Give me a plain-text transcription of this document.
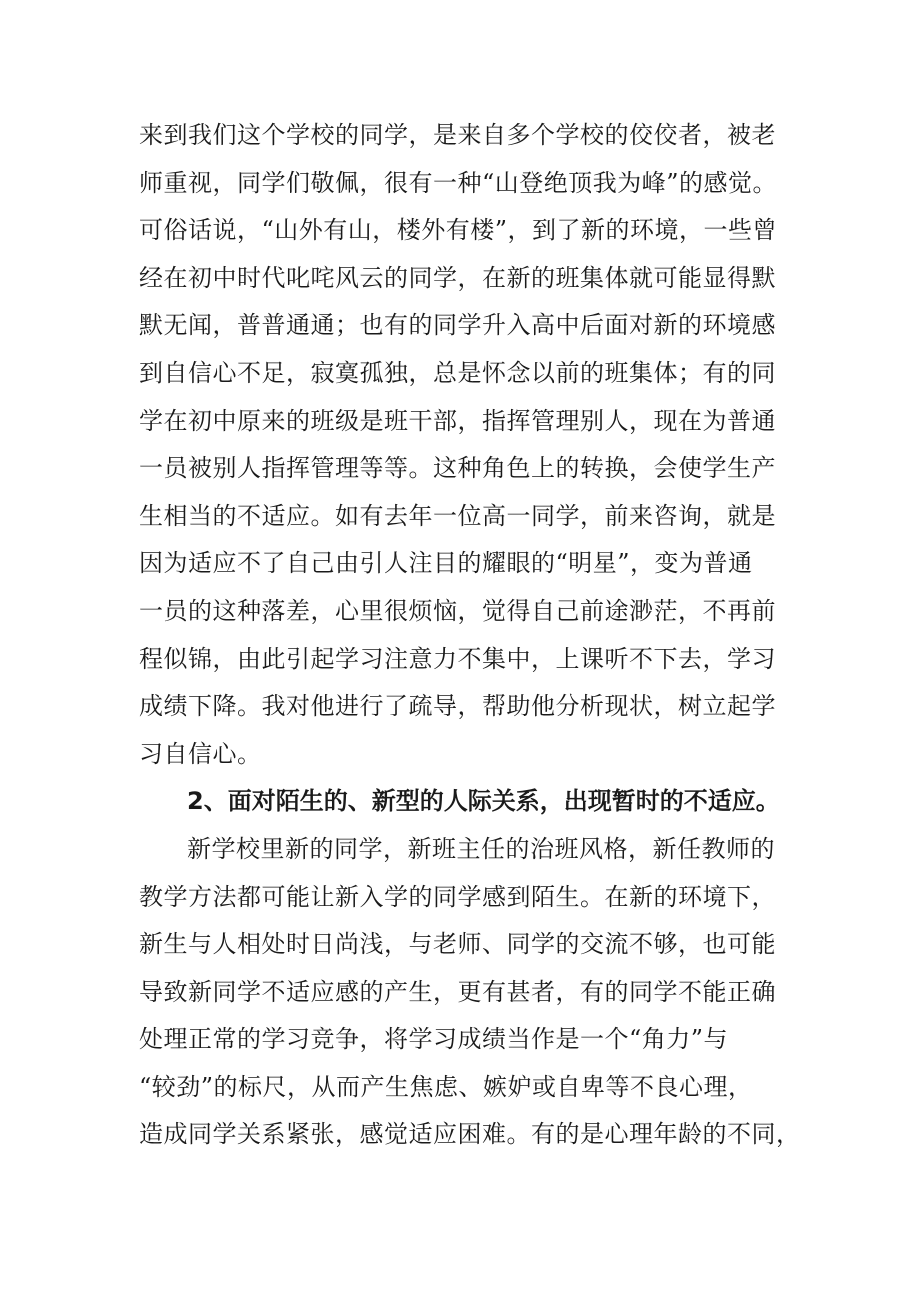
来到我们这个学校的同学，是来自多个学校的佼佼者，被老
师重视，同学们敬佩，很有一种“山登绝顶我为峰”的感觉。
可俗话说，“山外有山，楼外有楼”，到了新的环境，一些曾
经在初中时代叱咤风云的同学，在新的班集体就可能显得默
默无闻，普普通通；也有的同学升入高中后面对新的环境感
到自信心不足，寂寞孤独，总是怀念以前的班集体；有的同
学在初中原来的班级是班干部，指挥管理别人，现在为普通
一员被别人指挥管理等等。这种角色上的转换，会使学生产
生相当的不适应。如有去年一位高一同学，前来咨询，就是
因为适应不了自己由引人注目的耀眼的“明星”，变为普通
一员的这种落差，心里很烦恼，觉得自己前途渺茫，不再前
程似锦，由此引起学习注意力不集中，上课听不下去，学习
成绩下降。我对他进行了疏导，帮助他分析现状，树立起学
习自信心。
2、面对陌生的、新型的人际关系，出现暂时的不适应。
新学校里新的同学，新班主任的治班风格，新任教师的
教学方法都可能让新入学的同学感到陌生。在新的环境下，
新生与人相处时日尚浅，与老师、同学的交流不够，也可能
导致新同学不适应感的产生，更有甚者，有的同学不能正确
处理正常的学习竞争，将学习成绩当作是一个“角力”与
“较劲”的标尺，从而产生焦虑、嫉妒或自卑等不良心理，
造成同学关系紧张，感觉适应困难。有的是心理年龄的不同，
